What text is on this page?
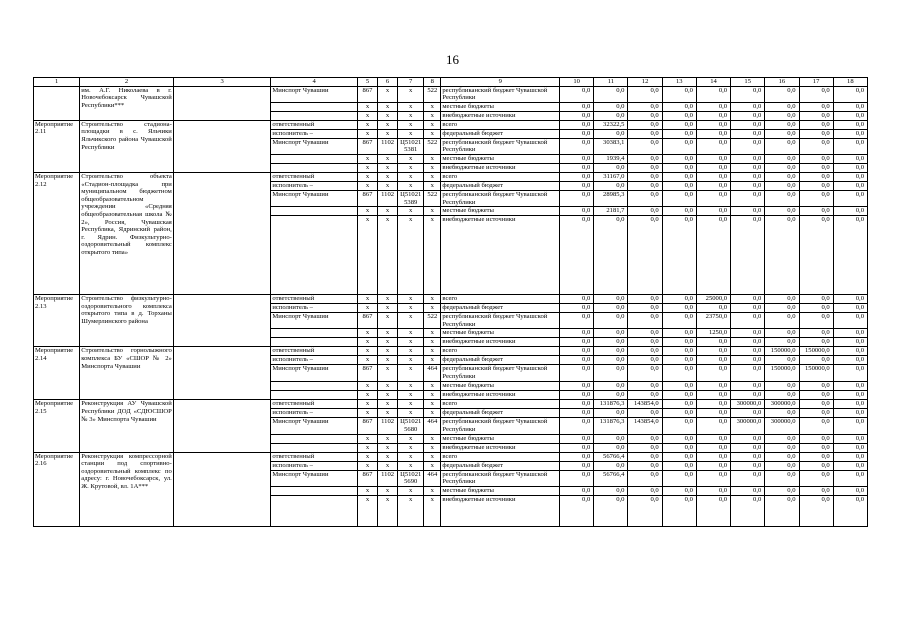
16
1	2	3	4	5	6	7	8	9	10	11	12	13	14	15	16	17	18
	им. А.Г. Николаева в г. Новочебоксарск Чувашской Республики***		Минспорт Чувашии	867	x	x	522	республиканский бюджет Чувашской Республики	0,0	0,0	0,0	0,0	0,0	0,0	0,0	0,0	0,0
				x	x	x	x	местные бюджеты	0,0	0,0	0,0	0,0	0,0	0,0	0,0	0,0	0,0
				x	x	x	x	внебюджетные источники	0,0	0,0	0,0	0,0	0,0	0,0	0,0	0,0	0,0
Мероприятие 2.11	Строительство стадиона-площадки в с. Яльчики Яльчикского района Чувашской Республики		ответственный	x	x	x	x	всего	0,0	32322,5	0,0	0,0	0,0	0,0	0,0	0,0	0,0
			исполнитель –	x	x	x	x	федеральный бюджет	0,0	0,0	0,0	0,0	0,0	0,0	0,0	0,0	0,0
			Минспорт Чувашии	867	1102	Ц51021 5381	522	республиканский бюджет Чувашской Республики	0,0	30383,1	0,0	0,0	0,0	0,0	0,0	0,0	0,0
				x	x	x	x	местные бюджеты	0,0	1939,4	0,0	0,0	0,0	0,0	0,0	0,0	0,0
				x	x	x	x	внебюджетные источники	0,0	0,0	0,0	0,0	0,0	0,0	0,0	0,0	0,0
Мероприятие 2.12	Строительство объекта «Стадион-площадка при муниципальном бюджетном общеобразовательном учреждении «Средняя общеобразовательная школа № 2», Россия, Чувашская Республика, Ядринский район, г. Ядрин. Физкультурно-оздоровительный комплекс открытого типа»		ответственный	x	x	x	x	всего	0,0	31167,0	0,0	0,0	0,0	0,0	0,0	0,0	0,0
			исполнитель –	x	x	x	x	федеральный бюджет	0,0	0,0	0,0	0,0	0,0	0,0	0,0	0,0	0,0
			Минспорт Чувашии	867	1102	Ц51021 5389	522	республиканский бюджет Чувашской Республики	0,0	28985,3	0,0	0,0	0,0	0,0	0,0	0,0	0,0
				x	x	x	x	местные бюджеты	0,0	2181,7	0,0	0,0	0,0	0,0	0,0	0,0	0,0
				x	x	x	x	внебюджетные источники	0,0	0,0	0,0	0,0	0,0	0,0	0,0	0,0	0,0
Мероприятие 2.13	Строительство физкультурно-оздоровительного комплекса открытого типа в д. Торханы Шумерлинского района		ответственный	x	x	x	x	всего	0,0	0,0	0,0	0,0	25000,0	0,0	0,0	0,0	0,0
			исполнитель –	x	x	x	x	федеральный бюджет	0,0	0,0	0,0	0,0	0,0	0,0	0,0	0,0	0,0
			Минспорт Чувашии	867	x	x	522	республиканский бюджет Чувашской Республики	0,0	0,0	0,0	0,0	23750,0	0,0	0,0	0,0	0,0
				x	x	x	x	местные бюджеты	0,0	0,0	0,0	0,0	1250,0	0,0	0,0	0,0	0,0
				x	x	x	x	внебюджетные источники	0,0	0,0	0,0	0,0	0,0	0,0	0,0	0,0	0,0
Мероприятие 2.14	Строительство горнолыжного комплекса БУ «СШОР № 2» Минспорта Чувашии		ответственный	x	x	x	x	всего	0,0	0,0	0,0	0,0	0,0	0,0	150000,0	150000,0	0,0
			исполнитель –	x	x	x	x	федеральный бюджет	0,0	0,0	0,0	0,0	0,0	0,0	0,0	0,0	0,0
			Минспорт Чувашии	867	x	x	464	республиканский бюджет Чувашской Республики	0,0	0,0	0,0	0,0	0,0	0,0	150000,0	150000,0	0,0
				x	x	x	x	местные бюджеты	0,0	0,0	0,0	0,0	0,0	0,0	0,0	0,0	0,0
				x	x	x	x	внебюджетные источники	0,0	0,0	0,0	0,0	0,0	0,0	0,0	0,0	0,0
Мероприятие 2.15	Реконструкция АУ Чувашской Республики ДОД «СДЮСШОР № 3» Минспорта Чувашии		ответственный	x	x	x	x	всего	0,0	131876,3	143854,0	0,0	0,0	300000,0	300000,0	0,0	0,0
			исполнитель –	x	x	x	x	федеральный бюджет	0,0	0,0	0,0	0,0	0,0	0,0	0,0	0,0	0,0
			Минспорт Чувашии	867	1102	Ц51021 5680	464	республиканский бюджет Чувашской Республики	0,0	131876,3	143854,0	0,0	0,0	300000,0	300000,0	0,0	0,0
				x	x	x	x	местные бюджеты	0,0	0,0	0,0	0,0	0,0	0,0	0,0	0,0	0,0
				x	x	x	x	внебюджетные источники	0,0	0,0	0,0	0,0	0,0	0,0	0,0	0,0	0,0
Мероприятие 2.16	Реконструкция компрессорной станции под спортивно-оздоровительный комплекс по адресу: г. Новочебоксарск, ул. Ж. Крутовой, вл. 1А***		ответственный	x	x	x	x	всего	0,0	56766,4	0,0	0,0	0,0	0,0	0,0	0,0	0,0
			исполнитель –	x	x	x	x	федеральный бюджет	0,0	0,0	0,0	0,0	0,0	0,0	0,0	0,0	0,0
			Минспорт Чувашии	867	1102	Ц51021 5690	464	республиканский бюджет Чувашской Республики	0,0	56766,4	0,0	0,0	0,0	0,0	0,0	0,0	0,0
				x	x	x	x	местные бюджеты	0,0	0,0	0,0	0,0	0,0	0,0	0,0	0,0	0,0
				x	x	x	x	внебюджетные источники	0,0	0,0	0,0	0,0	0,0	0,0	0,0	0,0	0,0
